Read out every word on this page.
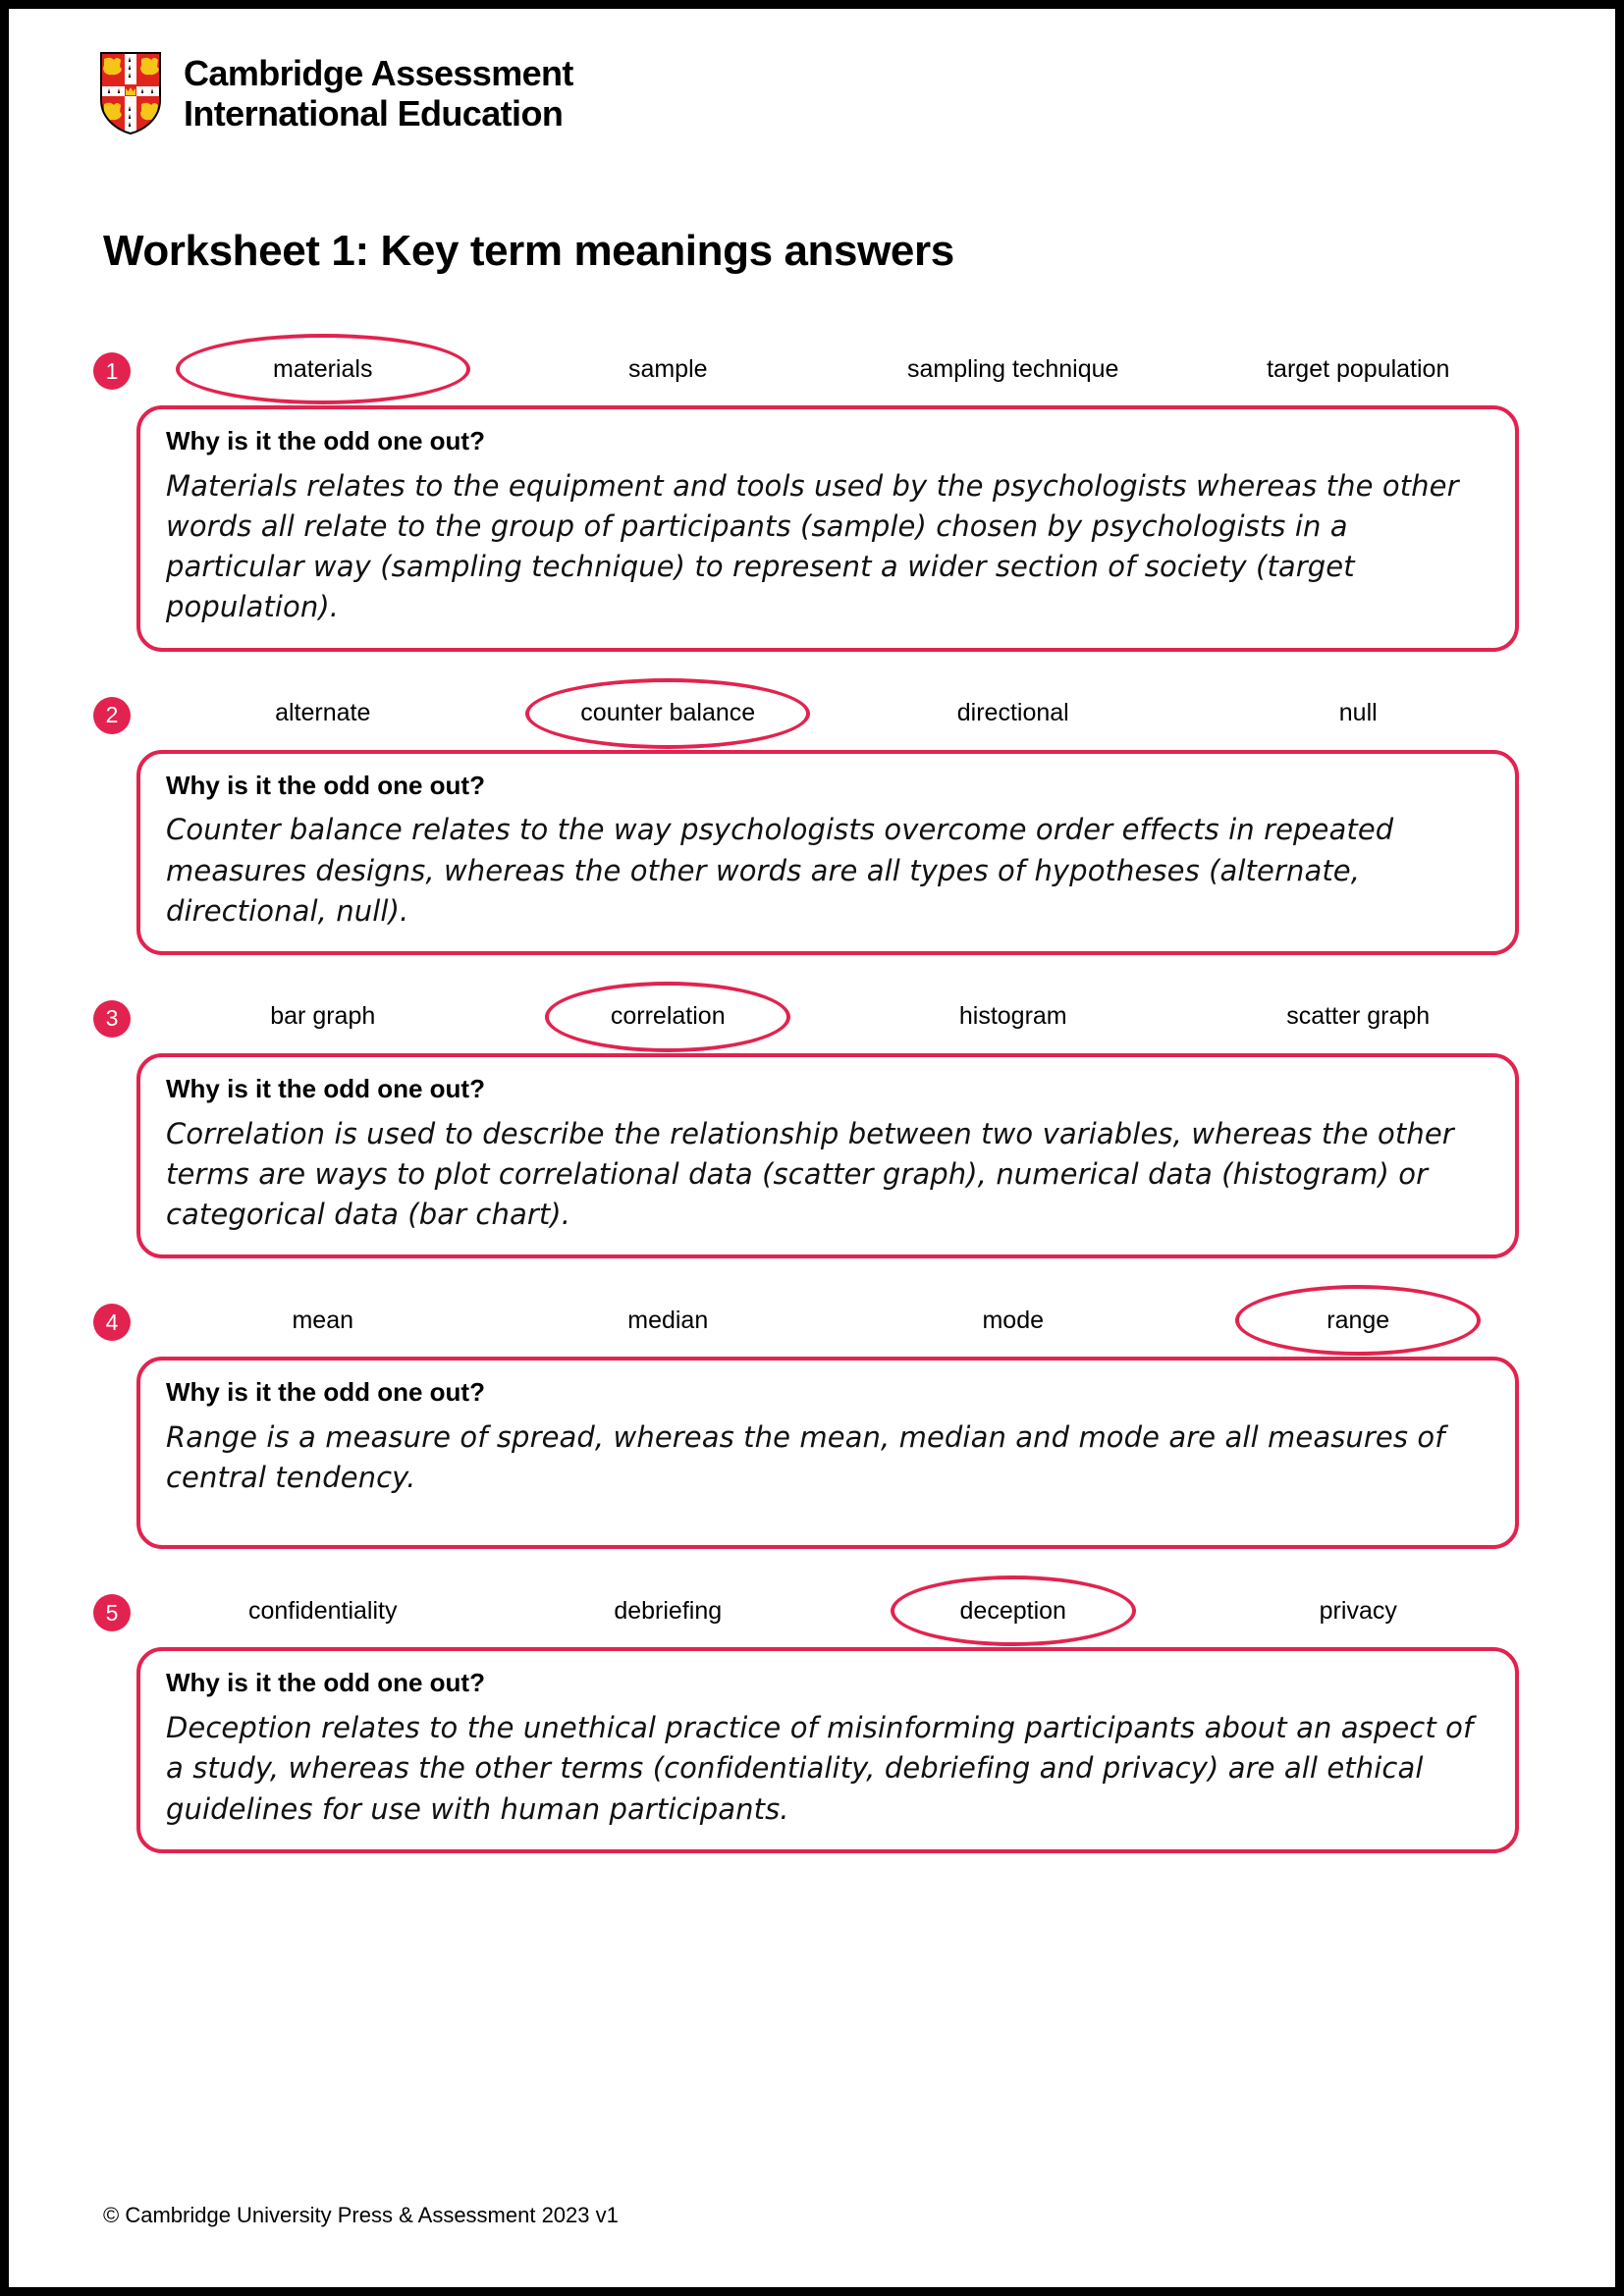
Cambridge Assessment
International Education
Worksheet 1: Key term meanings answers
1	materials	sample	sampling technique	target population

Why is it the odd one out?

Materials relates to the equipment and tools used by the psychologists whereas the other words all relate to the group of participants (sample) chosen by psychologists in a particular way (sampling technique) to represent a wider section of society (target population).

2	alternate	counter balance	directional	null

Why is it the odd one out?

Counter balance relates to the way psychologists overcome order effects in repeated measures designs, whereas the other words are all types of hypotheses (alternate, directional, null).

3	bar graph	correlation	histogram	scatter graph

Why is it the odd one out?

Correlation is used to describe the relationship between two variables, whereas the other terms are ways to plot correlational data (scatter graph), numerical data (histogram) or categorical data (bar chart).

4	mean	median	mode	range

Why is it the odd one out?

Range is a measure of spread, whereas the mean, median and mode are all measures of central tendency.

5	confidentiality	debriefing	deception	privacy

Why is it the odd one out?

Deception relates to the unethical practice of misinforming participants about an aspect of a study, whereas the other terms (confidentiality, debriefing and privacy) are all ethical guidelines for use with human participants.

© Cambridge University Press & Assessment 2023 v1
